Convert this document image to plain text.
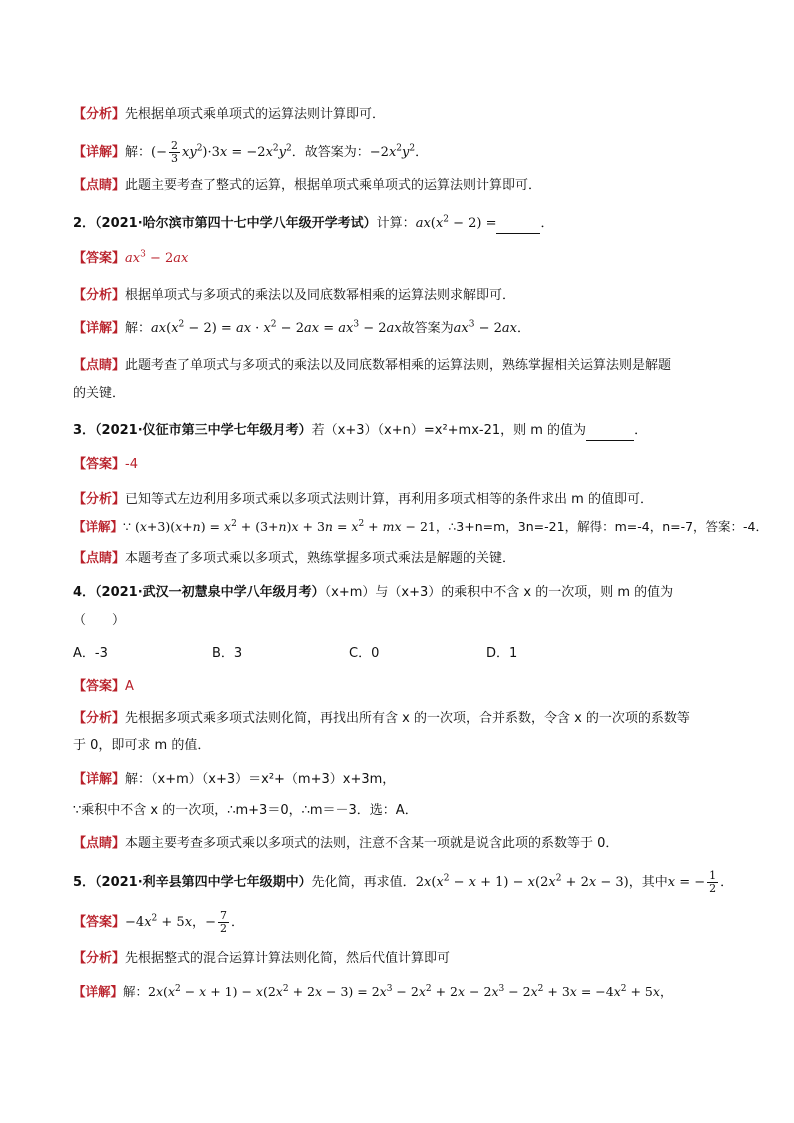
【分析】先根据单项式乘单项式的运算法则计算即可．
【详解】解：(− $\frac{2}{3} xy^2)\cdot 3x = -2x^2y^2$．故答案为：$-2x^2y^2$．
【点睛】此题主要考查了整式的运算，根据单项式乘单项式的运算法则计算即可．
2．（2021·哈尔滨市第四十七中学八年级开学考试）计算：$ax(x^2 - 2)$ =	．
【答案】$ax^3 - 2ax$
【分析】根据单项式与多项式的乘法以及同底数幂相乘的运算法则求解即可．
【详解】解：$ax(x^2 - 2)$ = ax · $x^2 - 2ax = ax^3 - 2ax$故答案为$ax^3 - 2ax$．
【点睛】此题考查了单项式与多项式的乘法以及同底数幂相乘的运算法则，熟练掌握相关运算法则是解题
的关键．
3．（2021·仪征市第三中学七年级月考）若（x+3）（x+n）=x²+mx-21，则 m 的值为	．
【答案】-4
【分析】已知等式左边利用多项式乘以多项式法则计算，再利用多项式相等的条件求出 m 的值即可．
【详解】∵ $(x+3)(x+n) = x^2 + (3+n)x + 3n = x^2$ + mx − 21，∴3+n=m，3n=-21，解得：m=-4，n=-7，答案：-4．
【点睛】本题考查了多项式乘以多项式，熟练掌握多项式乘法是解题的关键．
4．（2021·武汉一初慧泉中学八年级月考）（x+m）与（x+3）的乘积中不含 x 的一次项，则 m 的值为
（　　）
A．-3	B．3	C．0	D．1
【答案】A
【分析】先根据多项式乘多项式法则化简，再找出所有含 x 的一次项，合并系数，令含 x 的一次项的系数等
于 0，即可求 m 的值．
【详解】解：（x+m）（x+3）＝x²+（m+3）x+3m，
∵乘积中不含 x 的一次项，∴m+3＝0，∴m＝－3．选：A．
【点睛】本题主要考查多项式乘以多项式的法则，注意不含某一项就是说含此项的系数等于 0．
5．（2021·利辛县第四中学七年级期中）先化简，再求值．$2x(x^2 - x + 1) - x(2x^2 + 2x - 3)$，其中x = − $\frac{1}{2}$ ．
【答案】$-4x^2 + 5x$，− $\frac{7}{2}$ ．
【分析】先根据整式的混合运算计算法则化简，然后代值计算即可
【详解】解：$2x(x^2 - x + 1) - x(2x^2 + 2x - 3) = 2x^3 - 2x^2 + 2x - 2x^3 - 2x^2 + 3x = -4x^2 + 5x$，
